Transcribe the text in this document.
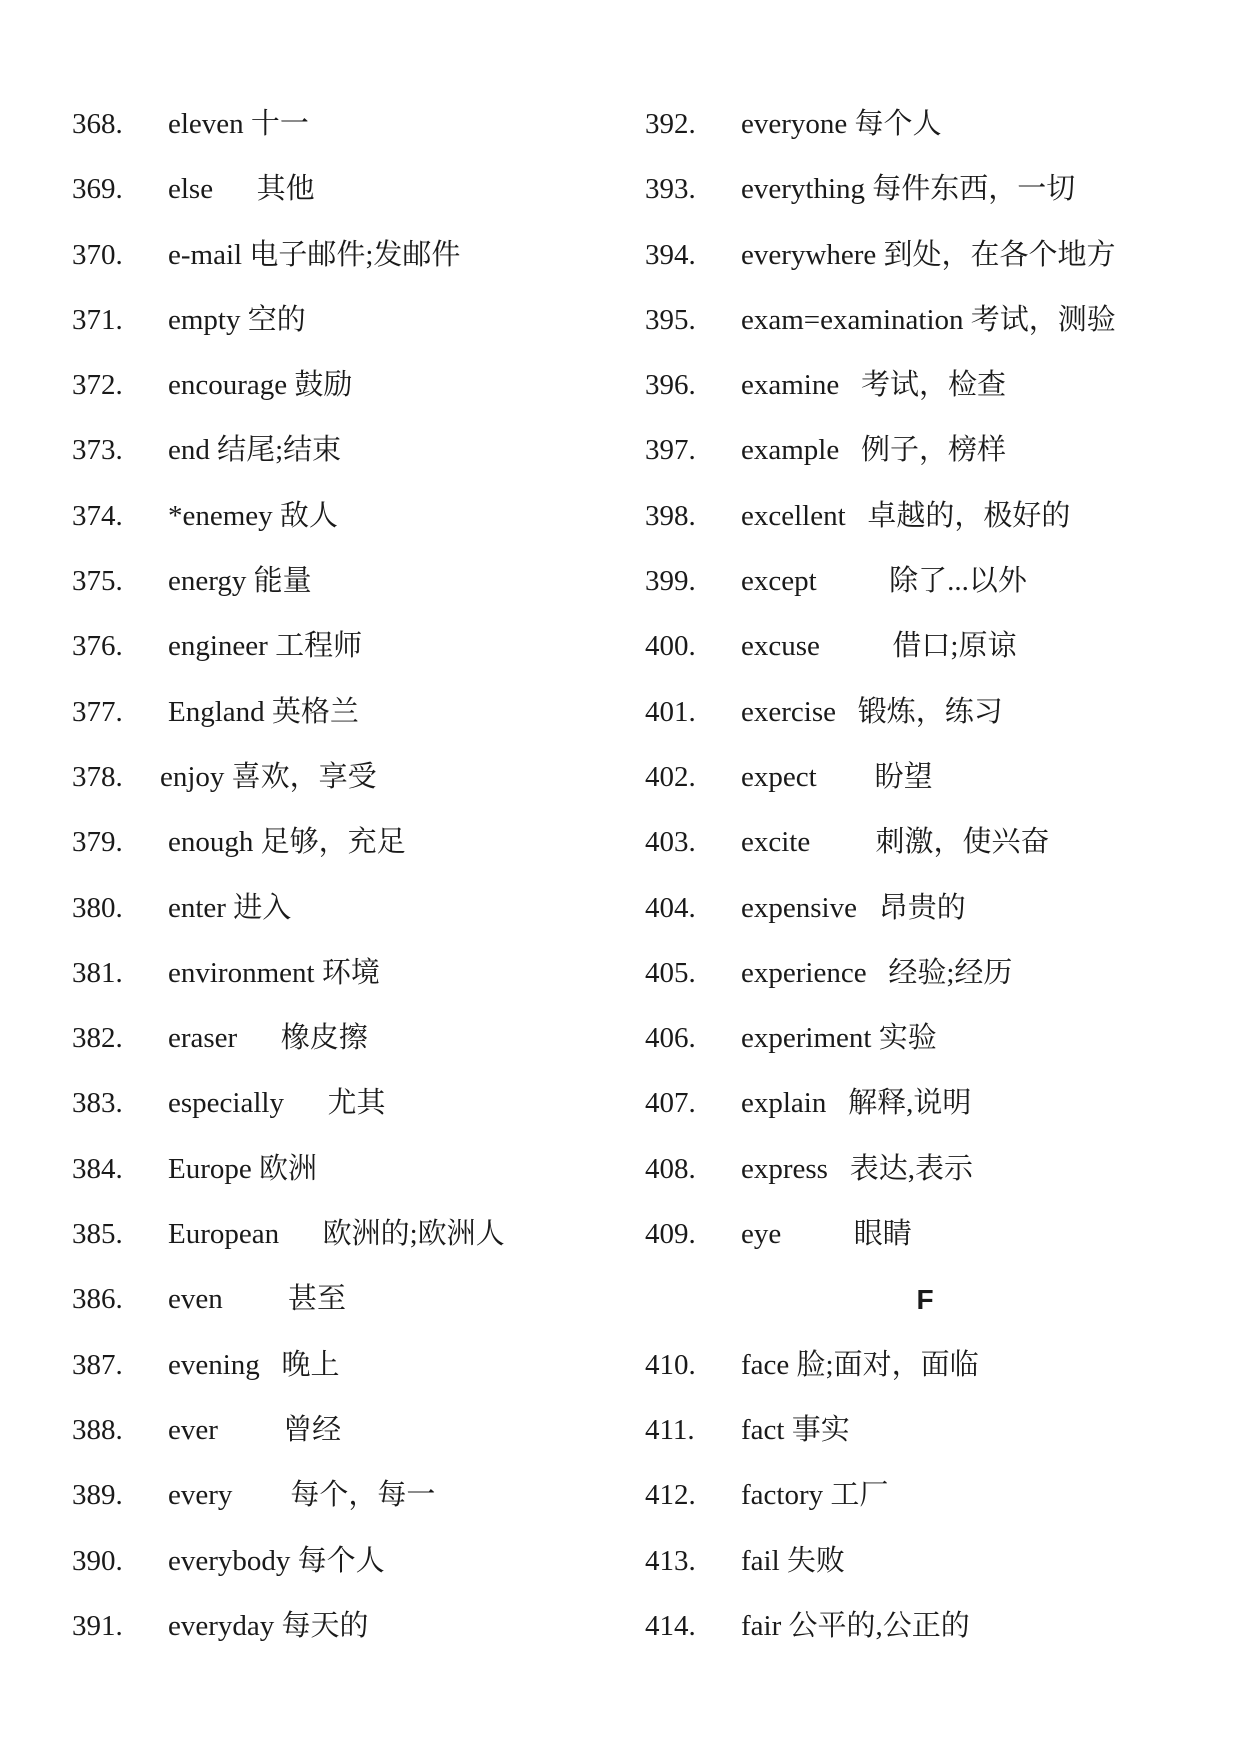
368. eleven 十一
369. else      其他
370. e-mail 电子邮件;发邮件
371. empty 空的
372. encourage 鼓励
373. end 结尾;结束
374. *enemey 敌人
375. energy 能量
376. engineer 工程师
377. England 英格兰
378. enjoy 喜欢，享受
379. enough 足够，充足
380. enter 进入
381. environment 环境
382. eraser      橡皮擦
383. especially      尤其
384. Europe 欧洲
385. European      欧洲的;欧洲人
386. even         甚至
387. evening   晚上
388. ever         曾经
389. every        每个，每一
390. everybody 每个人
391. everyday 每天的
392. everyone 每个人
393. everything 每件东西，一切
394. everywhere 到处，在各个地方
395. exam=examination 考试，测验
396. examine   考试，检查
397. example   例子，榜样
398. excellent   卓越的，极好的
399. except          除了...以外
400. excuse          借口;原谅
401. exercise   锻炼，练习
402. expect        盼望
403. excite         刺激，使兴奋
404. expensive   昂贵的
405. experience   经验;经历
406. experiment 实验
407. explain   解释,说明
408. express   表达,表示
409. eye          眼睛
F
410. face 脸;面对，面临
411. fact 事实
412. factory 工厂
413. fail 失败
414. fair 公平的,公正的
